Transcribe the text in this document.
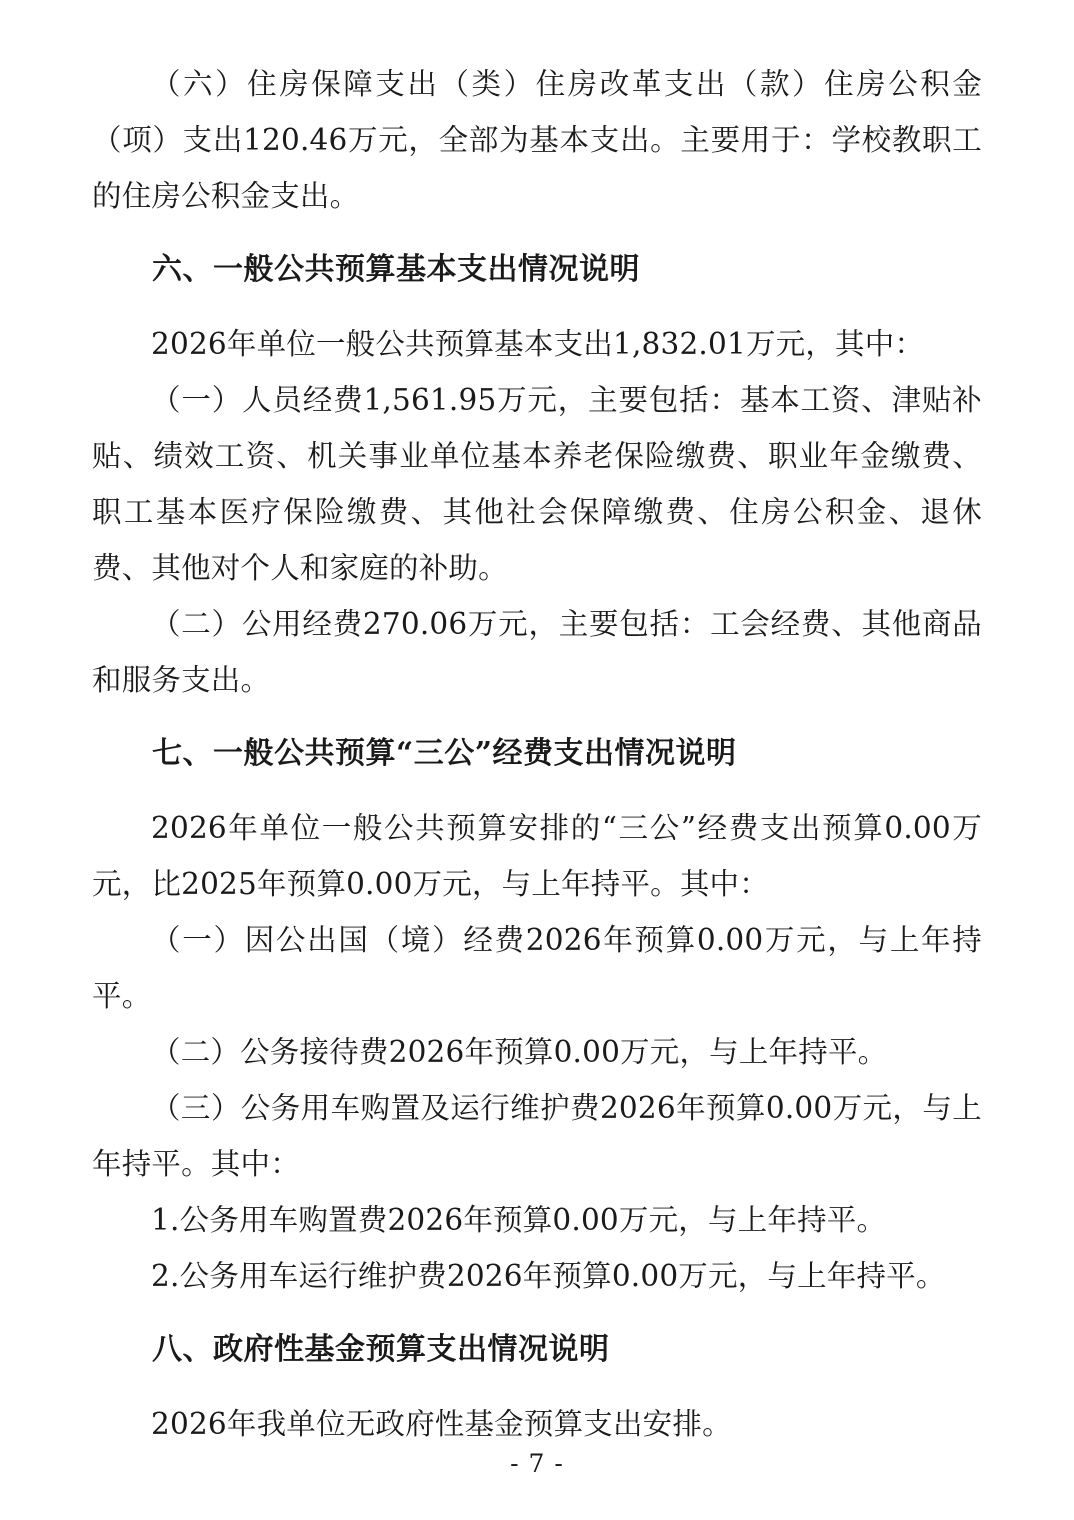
（六）住房保障支出（类）住房改革支出（款）住房公积金（项）支出120.46万元，全部为基本支出。主要用于：学校教职工的住房公积金支出。

六、一般公共预算基本支出情况说明

2026年单位一般公共预算基本支出1,832.01万元，其中：

（一）人员经费1,561.95万元，主要包括：基本工资、津贴补贴、绩效工资、机关事业单位基本养老保险缴费、职业年金缴费、职工基本医疗保险缴费、其他社会保障缴费、住房公积金、退休费、其他对个人和家庭的补助。

（二）公用经费270.06万元，主要包括：工会经费、其他商品和服务支出。

七、一般公共预算“三公”经费支出情况说明

2026年单位一般公共预算安排的“三公”经费支出预算0.00万元，比2025年预算0.00万元，与上年持平。其中：

（一）因公出国（境）经费2026年预算0.00万元，与上年持平。

（二）公务接待费2026年预算0.00万元，与上年持平。

（三）公务用车购置及运行维护费2026年预算0.00万元，与上年持平。其中：

1.公务用车购置费2026年预算0.00万元，与上年持平。

2.公务用车运行维护费2026年预算0.00万元，与上年持平。

八、政府性基金预算支出情况说明

2026年我单位无政府性基金预算支出安排。

- 7 -
